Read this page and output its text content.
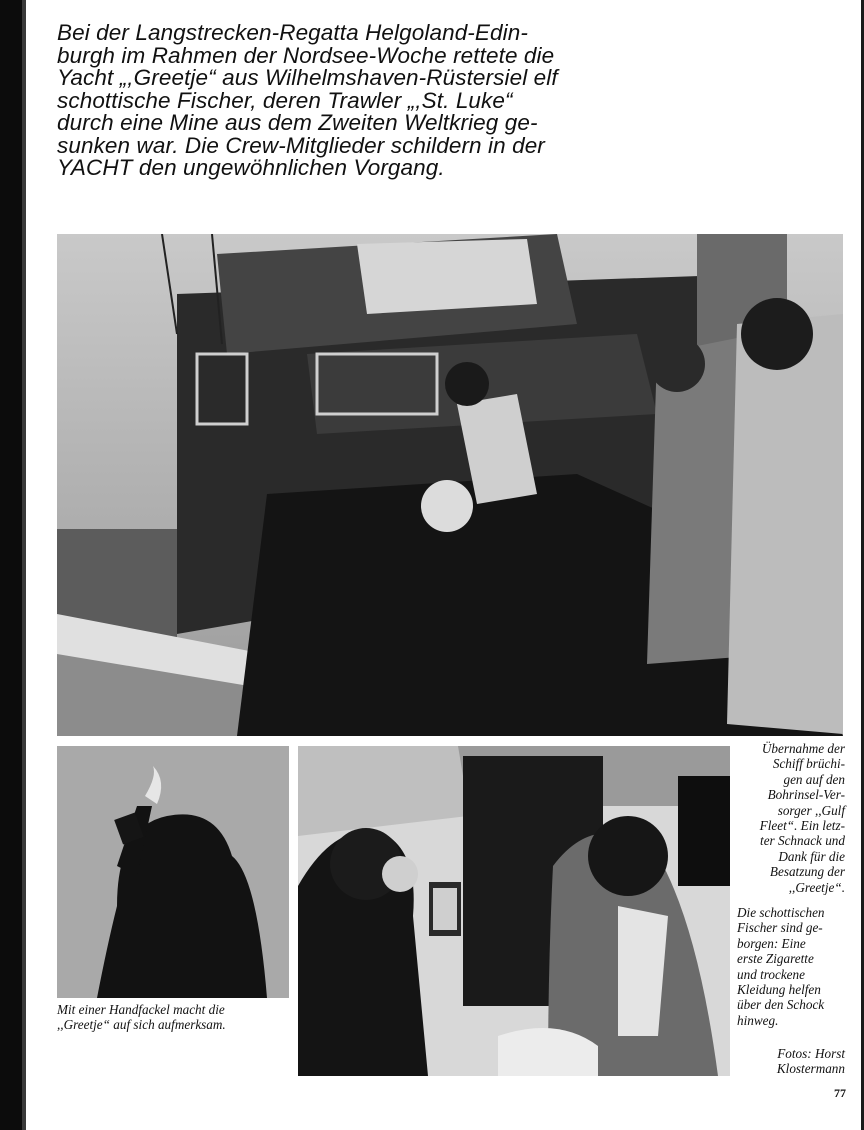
Bei der Langstrecken-Regatta Helgoland-Edin-
burgh im Rahmen der Nordsee-Woche rettete die
Yacht „,Greetje“ aus Wilhelmshaven-Rüstersiel elf
schottische Fischer, deren Trawler „,St. Luke“
durch eine Mine aus dem Zweiten Weltkrieg ge-
sunken war. Die Crew-Mitglieder schildern in der
YACHT den ungewöhnlichen Vorgang.

Mit einer Handfackel macht die
,,Greetje“ auf sich aufmerksam.

Übernahme der
Schiff brüchi-
gen auf den
Bohrinsel-Ver-
sorger ,,Gulf
Fleet“. Ein letz-
ter Schnack und
Dank für die
Besatzung der
,,Greetje“.

Die schottischen
Fischer sind ge-
borgen: Eine
erste Zigarette
und trockene
Kleidung helfen
über den Schock
hinweg.

Fotos: Horst
Klostermann

77
